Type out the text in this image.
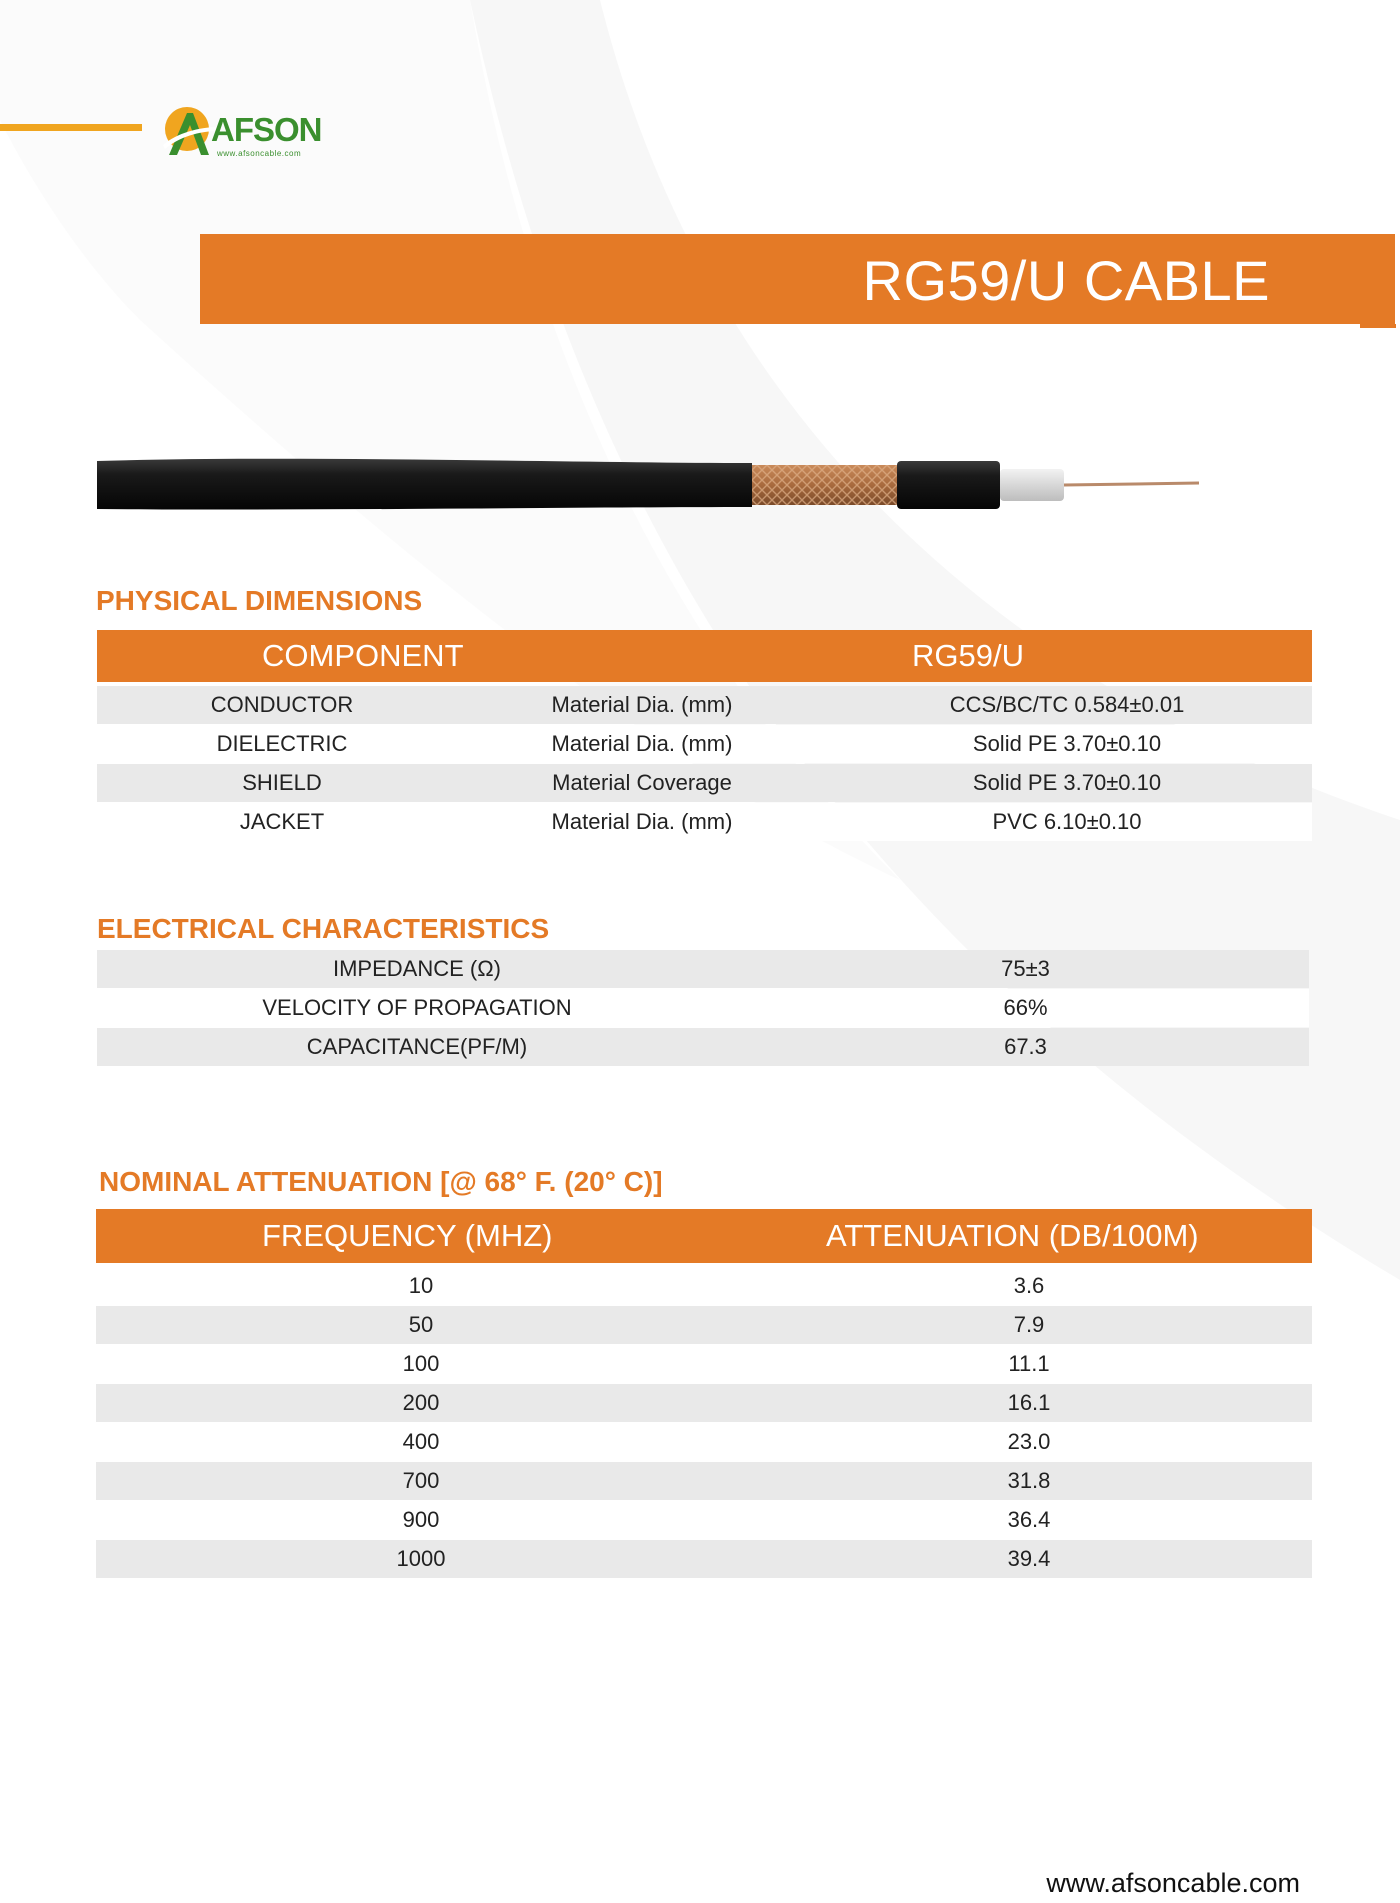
AFSON
www.afsoncable.com
RG59/U CABLE
PHYSICAL DIMENSIONS
COMPONENT	RG59/U
CONDUCTOR	Material Dia. (mm)	CCS/BC/TC 0.584±0.01
DIELECTRIC	Material Dia. (mm)	Solid PE 3.70±0.10
SHIELD	Material Coverage	Solid PE 3.70±0.10
JACKET	Material Dia. (mm)	PVC 6.10±0.10
ELECTRICAL CHARACTERISTICS
IMPEDANCE (Ω)	75±3
VELOCITY OF PROPAGATION	66%
CAPACITANCE(PF/M)	67.3
NOMINAL ATTENUATION [@ 68° F. (20° C)]
FREQUENCY (MHZ)	ATTENUATION (DB/100M)
10	3.6
50	7.9
100	11.1
200	16.1
400	23.0
700	31.8
900	36.4
1000	39.4
www.afsoncable.com
